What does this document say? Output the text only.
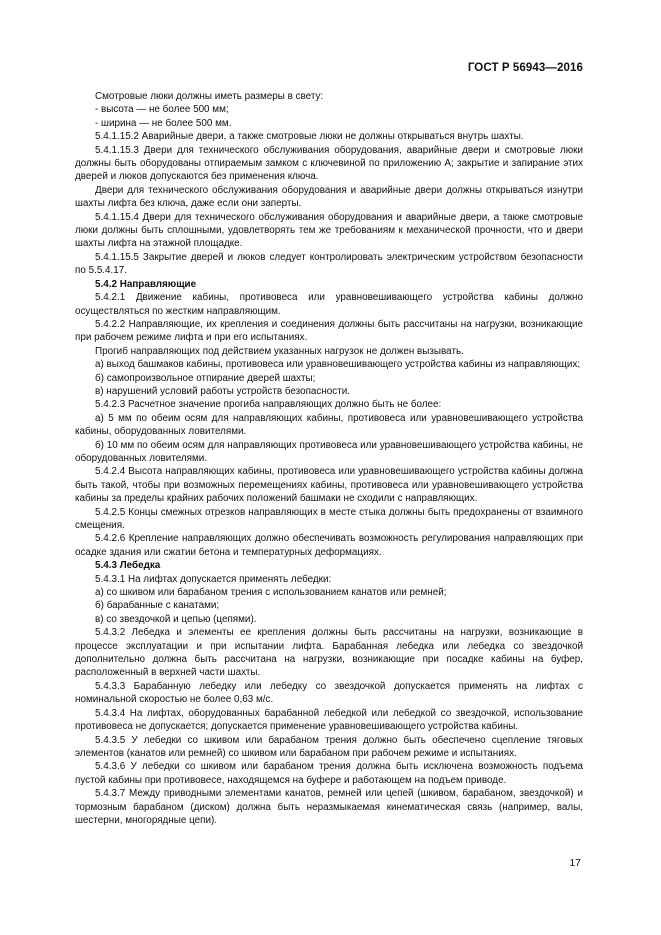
ГОСТ Р 56943—2016

Смотровые люки должны иметь размеры в свету:

- высота — не более 500 мм;

- ширина — не более 500 мм.

5.4.1.15.2 Аварийные двери, а также смотровые люки не должны открываться внутрь шахты.

5.4.1.15.3 Двери для технического обслуживания оборудования, аварийные двери и смотровые люки должны быть оборудованы отпираемым замком с ключевиной по приложению А; закрытие и запирание этих дверей и люков допускаются без применения ключа.

Двери для технического обслуживания оборудования и аварийные двери должны открываться изнутри шахты лифта без ключа, даже если они заперты.

5.4.1.15.4 Двери для технического обслуживания оборудования и аварийные двери, а также смотровые люки должны быть сплошными, удовлетворять тем же требованиям к механической прочности, что и двери шахты лифта на этажной площадке.

5.4.1.15.5 Закрытие дверей и люков следует контролировать электрическим устройством безопасности по 5.5.4.17.

5.4.2 Направляющие

5.4.2.1 Движение кабины, противовеса или уравновешивающего устройства кабины должно осуществляться по жестким направляющим.

5.4.2.2 Направляющие, их крепления и соединения должны быть рассчитаны на нагрузки, возникающие при рабочем режиме лифта и при его испытаниях.

Прогиб направляющих под действием указанных нагрузок не должен вызывать.

а) выход башмаков кабины, противовеса или уравновешивающего устройства кабины из направляющих;

б) самопроизвольное отпирание дверей шахты;

в) нарушений условий работы устройств безопасности.

5.4.2.3 Расчетное значение прогиба направляющих должно быть не более:

а) 5 мм по обеим осям для направляющих кабины, противовеса или уравновешивающего устройства кабины, оборудованных ловителями.

б) 10 мм по обеим осям для направляющих противовеса или уравновешивающего устройства кабины, не оборудованных ловителями.

5.4.2.4 Высота направляющих кабины, противовеса или уравновешивающего устройства кабины должна быть такой, чтобы при возможных перемещениях кабины, противовеса или уравновешивающего устройства кабины за пределы крайних рабочих положений башмаки не сходили с направляющих.

5.4.2.5 Концы смежных отрезков направляющих в месте стыка должны быть предохранены от взаимного смещения.

5.4.2.6 Крепление направляющих должно обеспечивать возможность регулирования направляющих при осадке здания или сжатии бетона и температурных деформациях.

5.4.3 Лебедка

5.4.3.1 На лифтах допускается применять лебедки:

а) со шкивом или барабаном трения с использованием канатов или ремней;

б) барабанные с канатами;

в) со звездочкой и цепью (цепями).

5.4.3.2 Лебедка и элементы ее крепления должны быть рассчитаны на нагрузки, возникающие в процессе эксплуатации и при испытании лифта. Барабанная лебедка или лебедка со звездочкой дополнительно должна быть рассчитана на нагрузки, возникающие при посадке кабины на буфер, расположенный в верхней части шахты.

5.4.3.3 Барабанную лебедку или лебедку со звездочкой допускается применять на лифтах с номинальной скоростью не более 0,63 м/с.

5.4.3.4 На лифтах, оборудованных барабанной лебедкой или лебедкой со звездочкой, использование противовеса не допускается; допускается применение уравновешивающего устройства кабины.

5.4.3.5 У лебедки со шкивом или барабаном трения должно быть обеспечено сцепление тяговых элементов (канатов или ремней) со шкивом или барабаном при рабочем режиме и испытаниях.

5.4.3.6 У лебедки со шкивом или барабаном трения должна быть исключена возможность подъема пустой кабины при противовесе, находящемся на буфере и работающем на подъем приводе.

5.4.3.7 Между приводными элементами канатов, ремней или цепей (шкивом, барабаном, звездочкой) и тормозным барабаном (диском) должна быть неразмыкаемая кинематическая связь (например, валы, шестерни, многорядные цепи).

17
